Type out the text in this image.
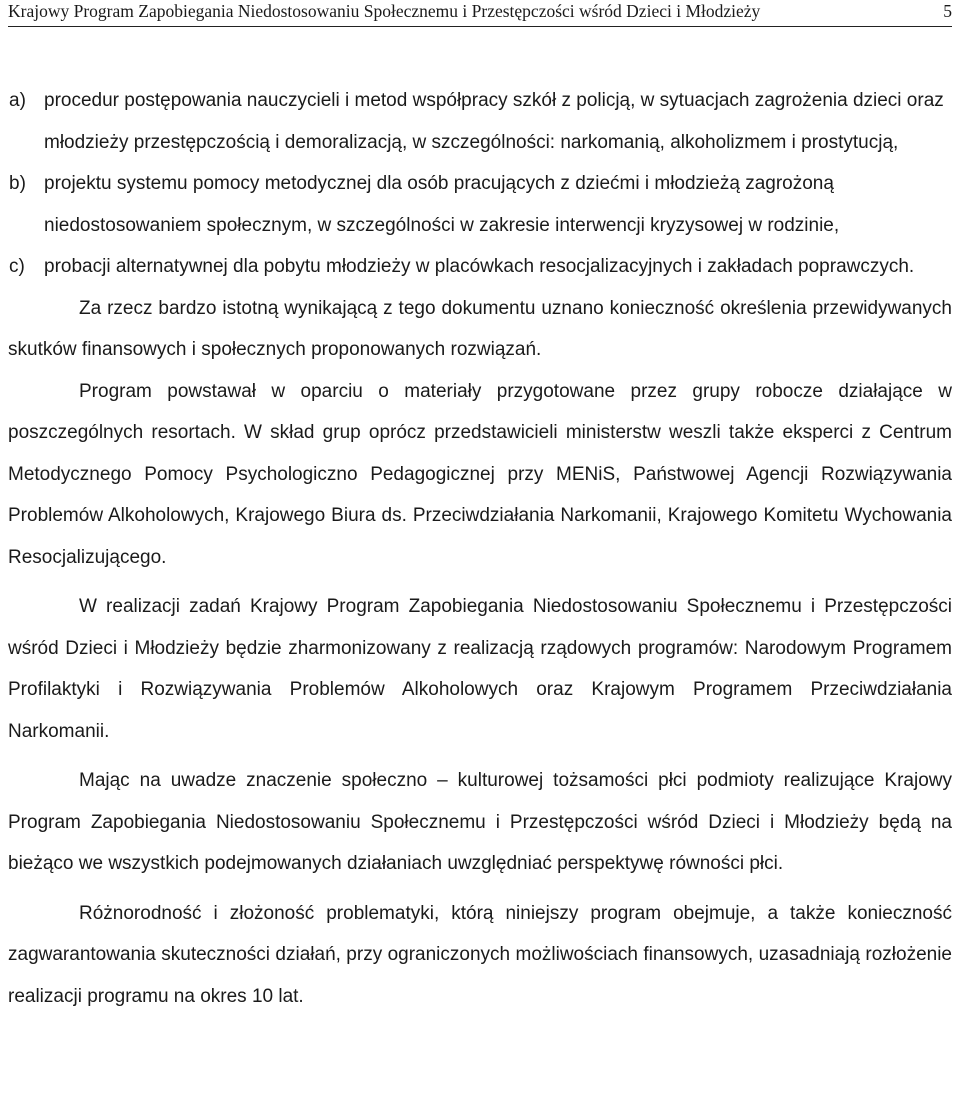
Krajowy Program Zapobiegania Niedostosowaniu Społecznemu i Przestępczości wśród Dzieci i Młodzieży	5
a) procedur postępowania nauczycieli i metod współpracy szkół z policją, w sytuacjach zagrożenia dzieci oraz młodzieży przestępczością i demoralizacją, w szczególności: narkomanią, alkoholizmem i prostytucją,
b) projektu systemu pomocy metodycznej dla osób pracujących z dziećmi i młodzieżą zagrożoną niedostosowaniem społecznym, w szczególności w zakresie interwencji kryzysowej w rodzinie,
c)	probacji alternatywnej dla pobytu młodzieży w placówkach resocjalizacyjnych i zakładach poprawczych.

Za rzecz bardzo istotną wynikającą z tego dokumentu uznano konieczność określenia przewidywanych skutków finansowych i społecznych proponowanych rozwiązań.

Program powstawał w oparciu o materiały przygotowane przez grupy robocze działające w poszczególnych resortach. W skład grup oprócz przedstawicieli ministerstw weszli także eksperci z Centrum Metodycznego Pomocy Psychologiczno Pedagogicznej przy MENiS, Państwowej Agencji Rozwiązywania Problemów Alkoholowych, Krajowego Biura ds. Przeciwdziałania Narkomanii, Krajowego Komitetu Wychowania Resocjalizującego.

W realizacji zadań Krajowy Program Zapobiegania Niedostosowaniu Społecznemu i Przestępczości wśród Dzieci i Młodzieży będzie zharmonizowany z realizacją rządowych programów: Narodowym Programem Profilaktyki i Rozwiązywania Problemów Alkoholowych oraz Krajowym Programem Przeciwdziałania Narkomanii.

Mając na uwadze znaczenie społeczno – kulturowej tożsamości płci podmioty realizujące Krajowy Program Zapobiegania Niedostosowaniu Społecznemu i Przestępczości wśród Dzieci i Młodzieży będą na bieżąco we wszystkich podejmowanych działaniach uwzględniać perspektywę równości płci.

Różnorodność i złożoność problematyki, którą niniejszy program obejmuje, a także konieczność zagwarantowania skuteczności działań, przy ograniczonych możliwościach finansowych, uzasadniają rozłożenie realizacji programu na okres 10 lat.
